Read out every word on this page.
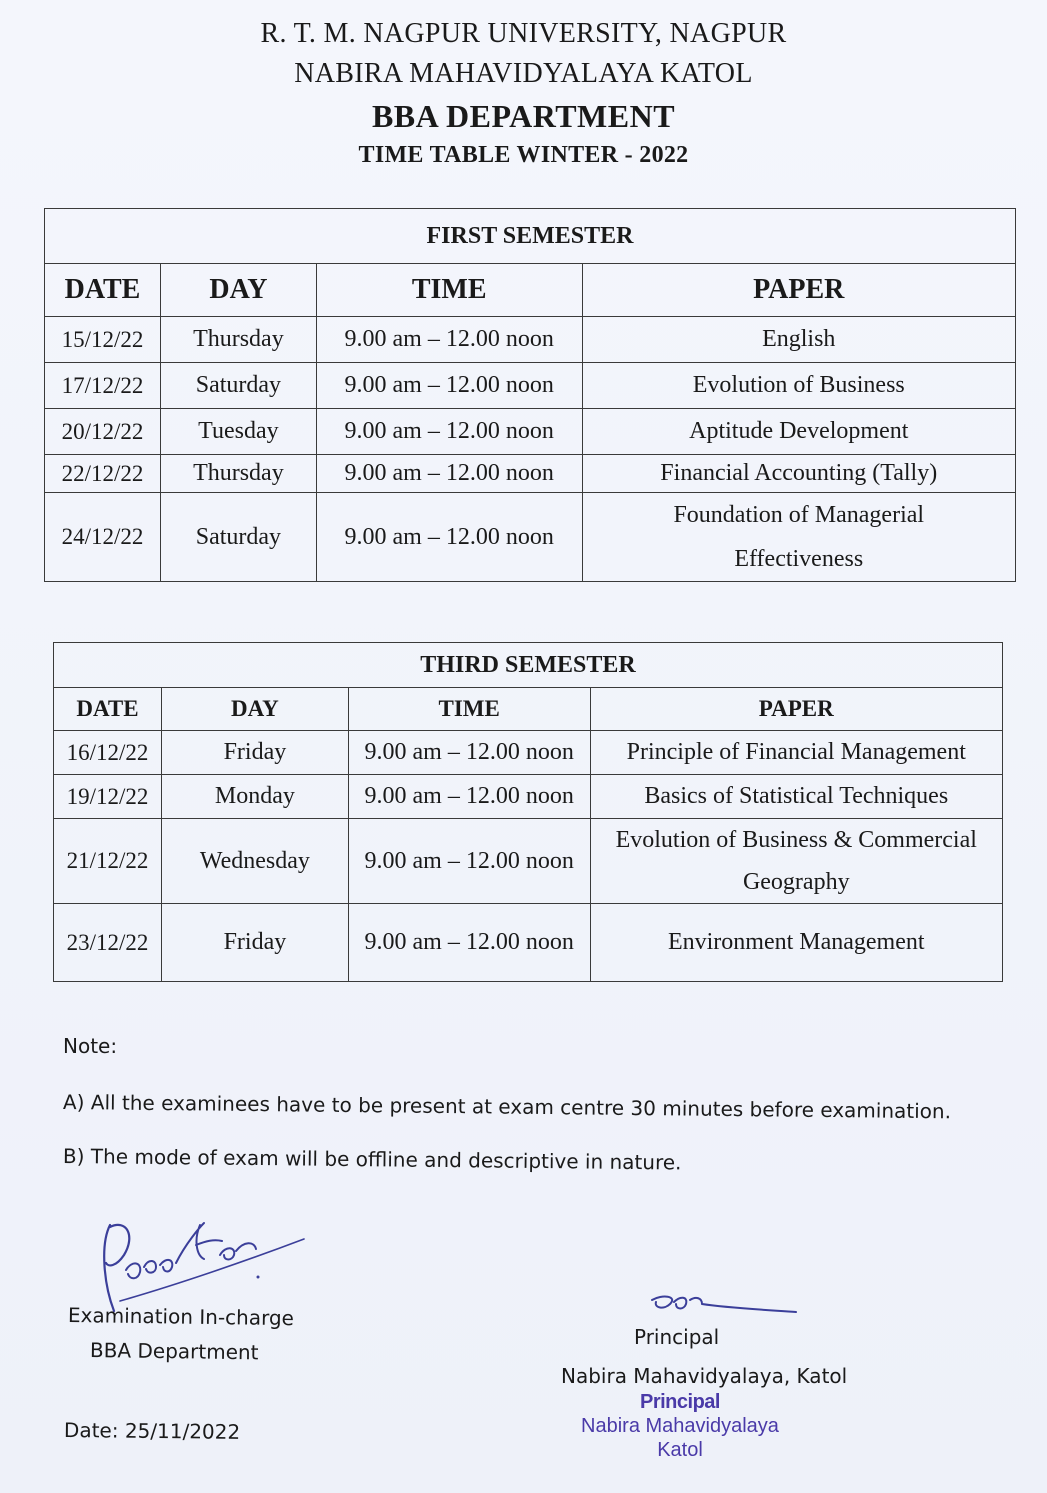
R. T. M. NAGPUR UNIVERSITY, NAGPUR
NABIRA MAHAVIDYALAYA KATOL
BBA DEPARTMENT
TIME TABLE WINTER - 2022
FIRST SEMESTER			
DATE	DAY	TIME	PAPER
15/12/22	Thursday	9.00 am – 12.00 noon	English
17/12/22	Saturday	9.00 am – 12.00 noon	Evolution of Business
20/12/22	Tuesday	9.00 am – 12.00 noon	Aptitude Development
22/12/22	Thursday	9.00 am – 12.00 noon	Financial Accounting (Tally)
24/12/22	Saturday	9.00 am – 12.00 noon	Foundation of Managerial
Effectiveness
THIRD SEMESTER			
DATE	DAY	TIME	PAPER
16/12/22	Friday	9.00 am – 12.00 noon	Principle of Financial Management
19/12/22	Monday	9.00 am – 12.00 noon	Basics of Statistical Techniques
21/12/22	Wednesday	9.00 am – 12.00 noon	Evolution of Business & Commercial
Geography

23/12/22	Friday	9.00 am – 12.00 noon	Environment Management
Note:
A) All the examinees have to be present at exam centre 30 minutes before examination.
B) The mode of exam will be offline and descriptive in nature.
Examination In-charge
BBA Department
Date: 25/11/2022
Principal
Nabira Mahavidyalaya, Katol
Principal
Nabira Mahavidyalaya
Katol
